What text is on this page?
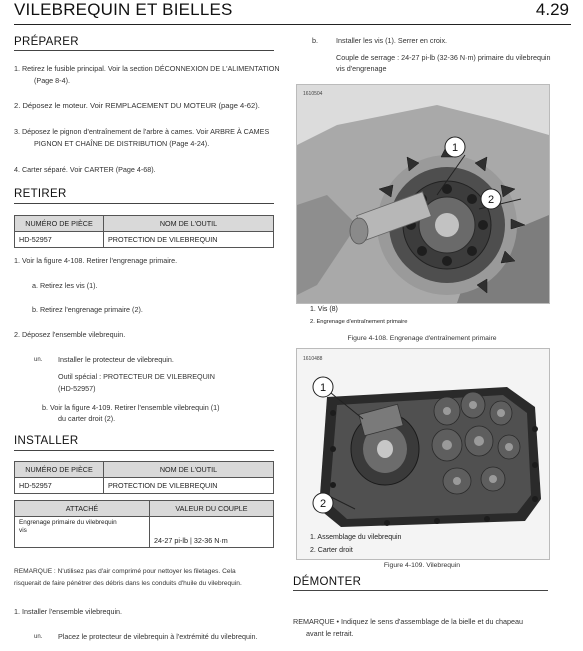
VILEBREQUIN ET BIELLES	4.29
PRÉPARER
1. Retirez le fusible principal. Voir la section DÉCONNEXION DE L'ALIMENTATION
(Page 8-4).
2. Déposez le moteur. Voir REMPLACEMENT DU MOTEUR (page 4-62).
3. Déposez le pignon d'entraînement de l'arbre à cames. Voir ARBRE À CAMES
PIGNON ET CHAÎNE DE DISTRIBUTION (Page 4-24).
4. Carter séparé. Voir CARTER (Page 4-68).
RETIRER
NUMÉRO DE PIÈCE	NOM DE L'OUTIL
HD-52957	PROTECTION DE VILEBREQUIN
1. Voir la figure 4-108. Retirer l'engrenage primaire.
a. Retirez les vis (1).
b. Retirez l'engrenage primaire (2).
2. Déposez l'ensemble vilebrequin.
un. Installer le protecteur de vilebrequin.
Outil spécial : PROTECTEUR DE VILEBREQUIN
(HD-52957)
b. Voir la figure 4-109. Retirer l'ensemble vilebrequin (1)
du carter droit (2).
INSTALLER
NUMÉRO DE PIÈCE	NOM DE L'OUTIL
HD-52957	PROTECTION DE VILEBREQUIN
ATTACHÉ	VALEUR DU COUPLE
Engrenage primaire du vilebrequin
vis	24-27 pi-lb | 32-36 N·m
REMARQUE : N'utilisez pas d'air comprimé pour nettoyer les filetages. Cela
risquerait de faire pénétrer des débris dans les conduits d'huile du vilebrequin.
1. Installer l'ensemble vilebrequin.
un. Placez le protecteur de vilebrequin à l'extrémité du vilebrequin.
b.	Installer les vis (1). Serrer en croix.
Couple de serrage : 24-27 pi-lb (32-36 N·m) primaire du vilebrequin
vis d'engrenage
1
2
1610504
1. Vis (8)
2. Engrenage d'entraînement primaire
Figure 4-108. Engrenage d'entraînement primaire
1
2
1610488
1. Assemblage du vilebrequin
2. Carter droit
Figure 4-109. Vilebrequin
DÉMONTER
REMARQUE • Indiquez le sens d'assemblage de la bielle et du chapeau
avant le retrait.
